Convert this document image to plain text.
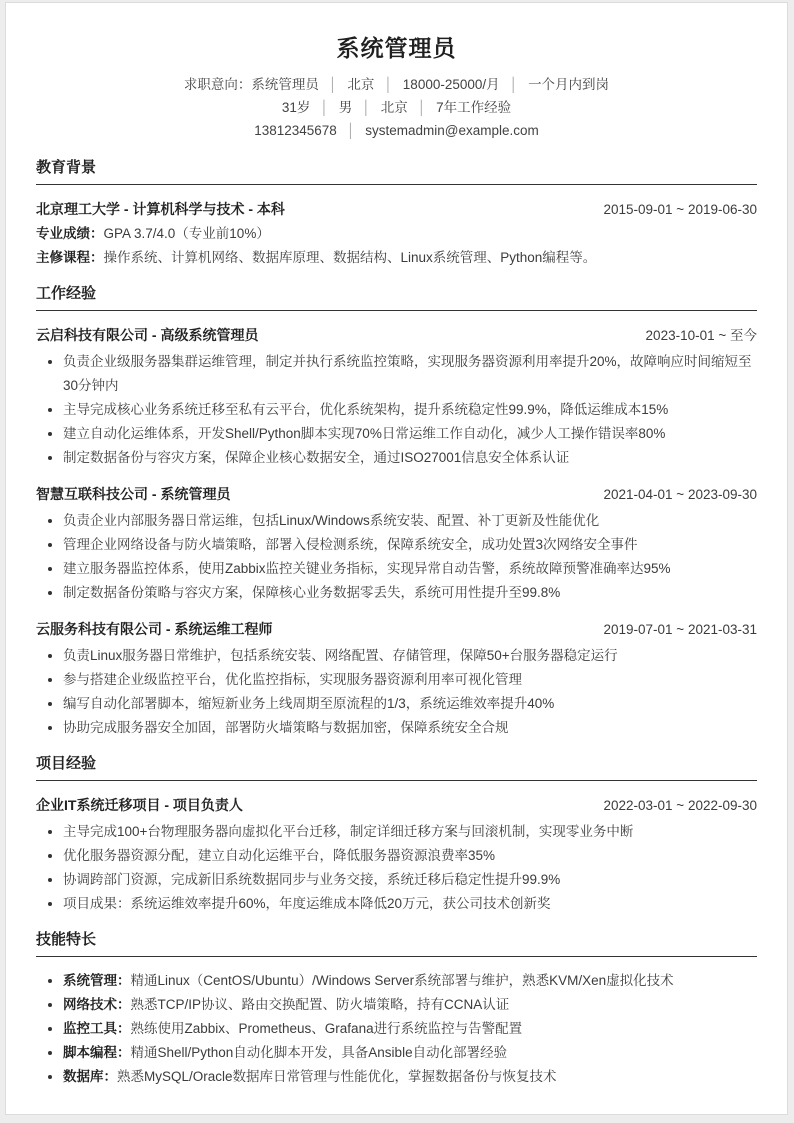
系统管理员
求职意向：系统管理员 │ 北京 │ 18000-25000/月 │ 一个月内到岗
31岁 │ 男 │ 北京 │ 7年工作经验
13812345678 │ systemadmin@example.com
教育背景
北京理工大学 - 计算机科学与技术 - 本科	2015-09-01 ~ 2019-06-30
专业成绩：GPA 3.7/4.0（专业前10%）
主修课程：操作系统、计算机网络、数据库原理、数据结构、Linux系统管理、Python编程等。
工作经验
云启科技有限公司 - 高级系统管理员	2023-10-01 ~ 至今
负责企业级服务器集群运维管理，制定并执行系统监控策略，实现服务器资源利用率提升20%，故障响应时间缩短至30分钟内
主导完成核心业务系统迁移至私有云平台，优化系统架构，提升系统稳定性99.9%，降低运维成本15%
建立自动化运维体系，开发Shell/Python脚本实现70%日常运维工作自动化，减少人工操作错误率80%
制定数据备份与容灾方案，保障企业核心数据安全，通过ISO27001信息安全体系认证
智慧互联科技公司 - 系统管理员	2021-04-01 ~ 2023-09-30
负责企业内部服务器日常运维，包括Linux/Windows系统安装、配置、补丁更新及性能优化
管理企业网络设备与防火墙策略，部署入侵检测系统，保障系统安全，成功处置3次网络安全事件
建立服务器监控体系，使用Zabbix监控关键业务指标，实现异常自动告警，系统故障预警准确率达95%
制定数据备份策略与容灾方案，保障核心业务数据零丢失，系统可用性提升至99.8%
云服务科技有限公司 - 系统运维工程师	2019-07-01 ~ 2021-03-31
负责Linux服务器日常维护，包括系统安装、网络配置、存储管理，保障50+台服务器稳定运行
参与搭建企业级监控平台，优化监控指标，实现服务器资源利用率可视化管理
编写自动化部署脚本，缩短新业务上线周期至原流程的1/3，系统运维效率提升40%
协助完成服务器安全加固，部署防火墙策略与数据加密，保障系统安全合规
项目经验
企业IT系统迁移项目 - 项目负责人	2022-03-01 ~ 2022-09-30
主导完成100+台物理服务器向虚拟化平台迁移，制定详细迁移方案与回滚机制，实现零业务中断
优化服务器资源分配，建立自动化运维平台，降低服务器资源浪费率35%
协调跨部门资源，完成新旧系统数据同步与业务交接，系统迁移后稳定性提升99.9%
项目成果：系统运维效率提升60%，年度运维成本降低20万元，获公司技术创新奖
技能特长
系统管理：精通Linux（CentOS/Ubuntu）/Windows Server系统部署与维护，熟悉KVM/Xen虚拟化技术
网络技术：熟悉TCP/IP协议、路由交换配置、防火墙策略，持有CCNA认证
监控工具：熟练使用Zabbix、Prometheus、Grafana进行系统监控与告警配置
脚本编程：精通Shell/Python自动化脚本开发，具备Ansible自动化部署经验
数据库：熟悉MySQL/Oracle数据库日常管理与性能优化，掌握数据备份与恢复技术
